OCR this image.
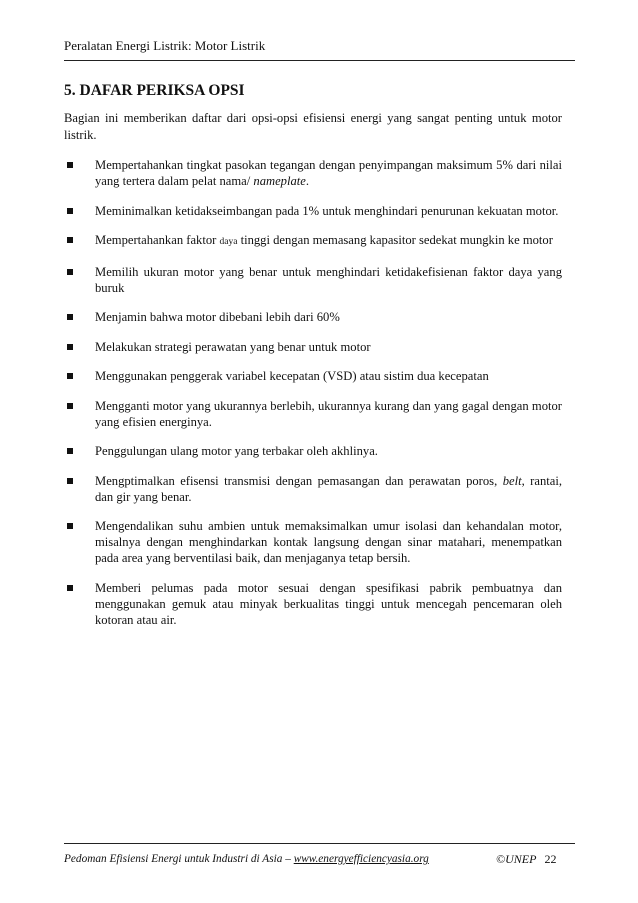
Peralatan Energi Listrik: Motor Listrik
5. DAFAR PERIKSA OPSI

Bagian ini memberikan daftar dari opsi-opsi efisiensi energi yang sangat penting untuk motor listrik.

Mempertahankan tingkat pasokan tegangan dengan penyimpangan maksimum 5% dari nilai yang tertera dalam pelat nama/ nameplate.
Meminimalkan ketidakseimbangan pada 1% untuk menghindari penurunan kekuatan motor.
Mempertahankan faktor daya tinggi dengan memasang kapasitor sedekat mungkin ke motor
Memilih ukuran motor yang benar untuk menghindari ketidakefisienan faktor daya yang buruk
Menjamin bahwa motor dibebani lebih dari 60%
Melakukan strategi perawatan yang benar untuk motor
Menggunakan penggerak variabel kecepatan (VSD) atau sistim dua kecepatan
Mengganti motor yang ukurannya berlebih, ukurannya kurang dan yang gagal dengan motor yang efisien energinya.
Penggulungan ulang motor yang terbakar oleh akhlinya.
Mengptimalkan efisensi transmisi dengan pemasangan dan perawatan poros, belt, rantai, dan gir yang benar.
Mengendalikan suhu ambien untuk memaksimalkan umur isolasi dan kehandalan motor, misalnya dengan menghindarkan kontak langsung dengan sinar matahari, menempatkan pada area yang berventilasi baik, dan menjaganya tetap bersih.
Memberi pelumas pada motor sesuai dengan spesifikasi pabrik pembuatnya dan menggunakan gemuk atau minyak berkualitas tinggi untuk mencegah pencemaran oleh kotoran atau air.
Pedoman Efisiensi Energi untuk Industri di Asia – www.energyefficiencyasia.org	©UNEP 22
